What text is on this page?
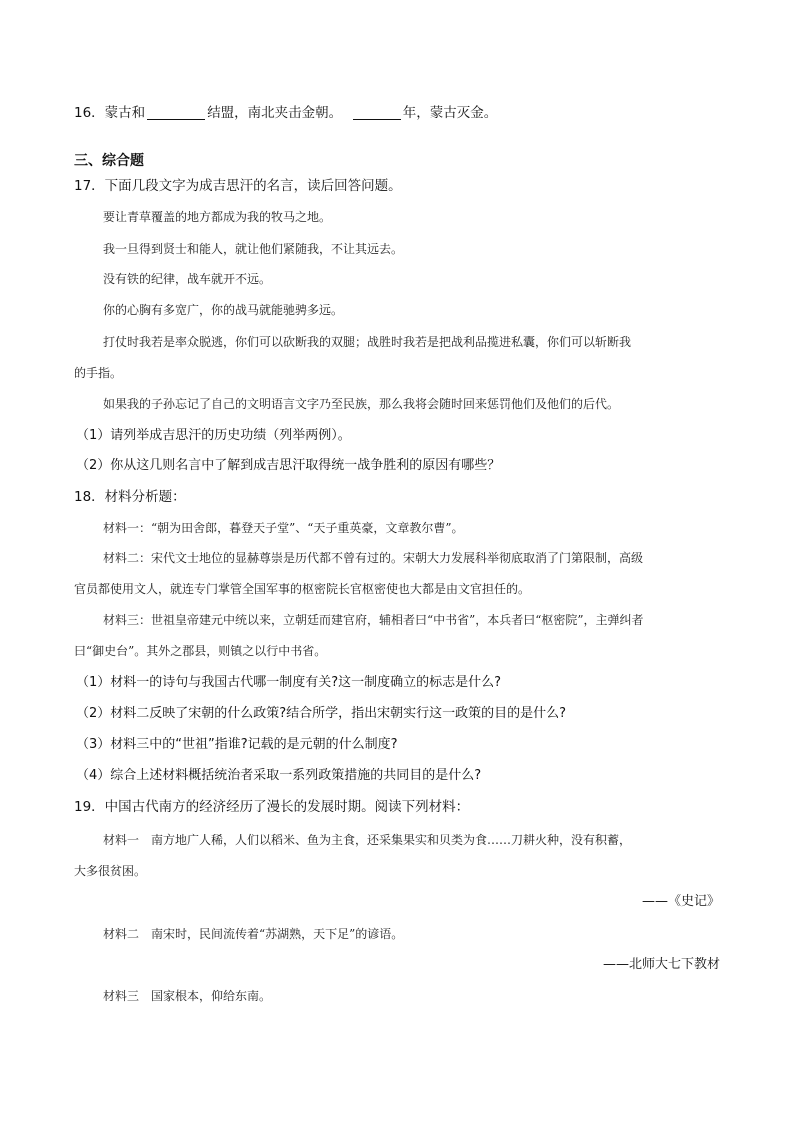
16．蒙古和	结盟，南北夹击金朝。	年，蒙古灭金。
三、综合题
17．下面几段文字为成吉思汗的名言，读后回答问题。
要让青草覆盖的地方都成为我的牧马之地。
我一旦得到贤士和能人，就让他们紧随我，不让其远去。
没有铁的纪律，战车就开不远。
你的心胸有多宽广，你的战马就能驰骋多远。
打仗时我若是率众脱逃，你们可以砍断我的双腿；战胜时我若是把战利品揽进私囊，你们可以斩断我
的手指。
如果我的子孙忘记了自己的文明语言文字乃至民族，那么我将会随时回来惩罚他们及他们的后代。
（1）请列举成吉思汗的历史功绩（列举两例）。
（2）你从这几则名言中了解到成吉思汗取得统一战争胜利的原因有哪些？
18．材料分析题：
材料一：“朝为田舍郎，暮登天子堂”、“天子重英豪，文章教尔曹”。
材料二：宋代文士地位的显赫尊崇是历代都不曾有过的。宋朝大力发展科举彻底取消了门第限制，高级
官员都使用文人，就连专门掌管全国军事的枢密院长官枢密使也大都是由文官担任的。
材料三：世祖皇帝建元中统以来，立朝廷而建官府，辅相者曰“中书省”，本兵者曰“枢密院”，主弹纠者
曰“御史台”。其外之郡县，则镇之以行中书省。
（1）材料一的诗句与我国古代哪一制度有关?这一制度确立的标志是什么?
（2）材料二反映了宋朝的什么政策?结合所学，指出宋朝实行这一政策的目的是什么?
（3）材料三中的“世祖”指谁?记载的是元朝的什么制度?
（4）综合上述材料概括统治者采取一系列政策措施的共同目的是什么?
19．中国古代南方的经济经历了漫长的发展时期。阅读下列材料：
材料一　南方地广人稀，人们以稻米、鱼为主食，还采集果实和贝类为食……刀耕火种，没有积蓄，
大多很贫困。
——《史记》
材料二　南宋时，民间流传着“苏湖熟，天下足”的谚语。
——北师大七下教材
材料三　国家根本，仰给东南。
